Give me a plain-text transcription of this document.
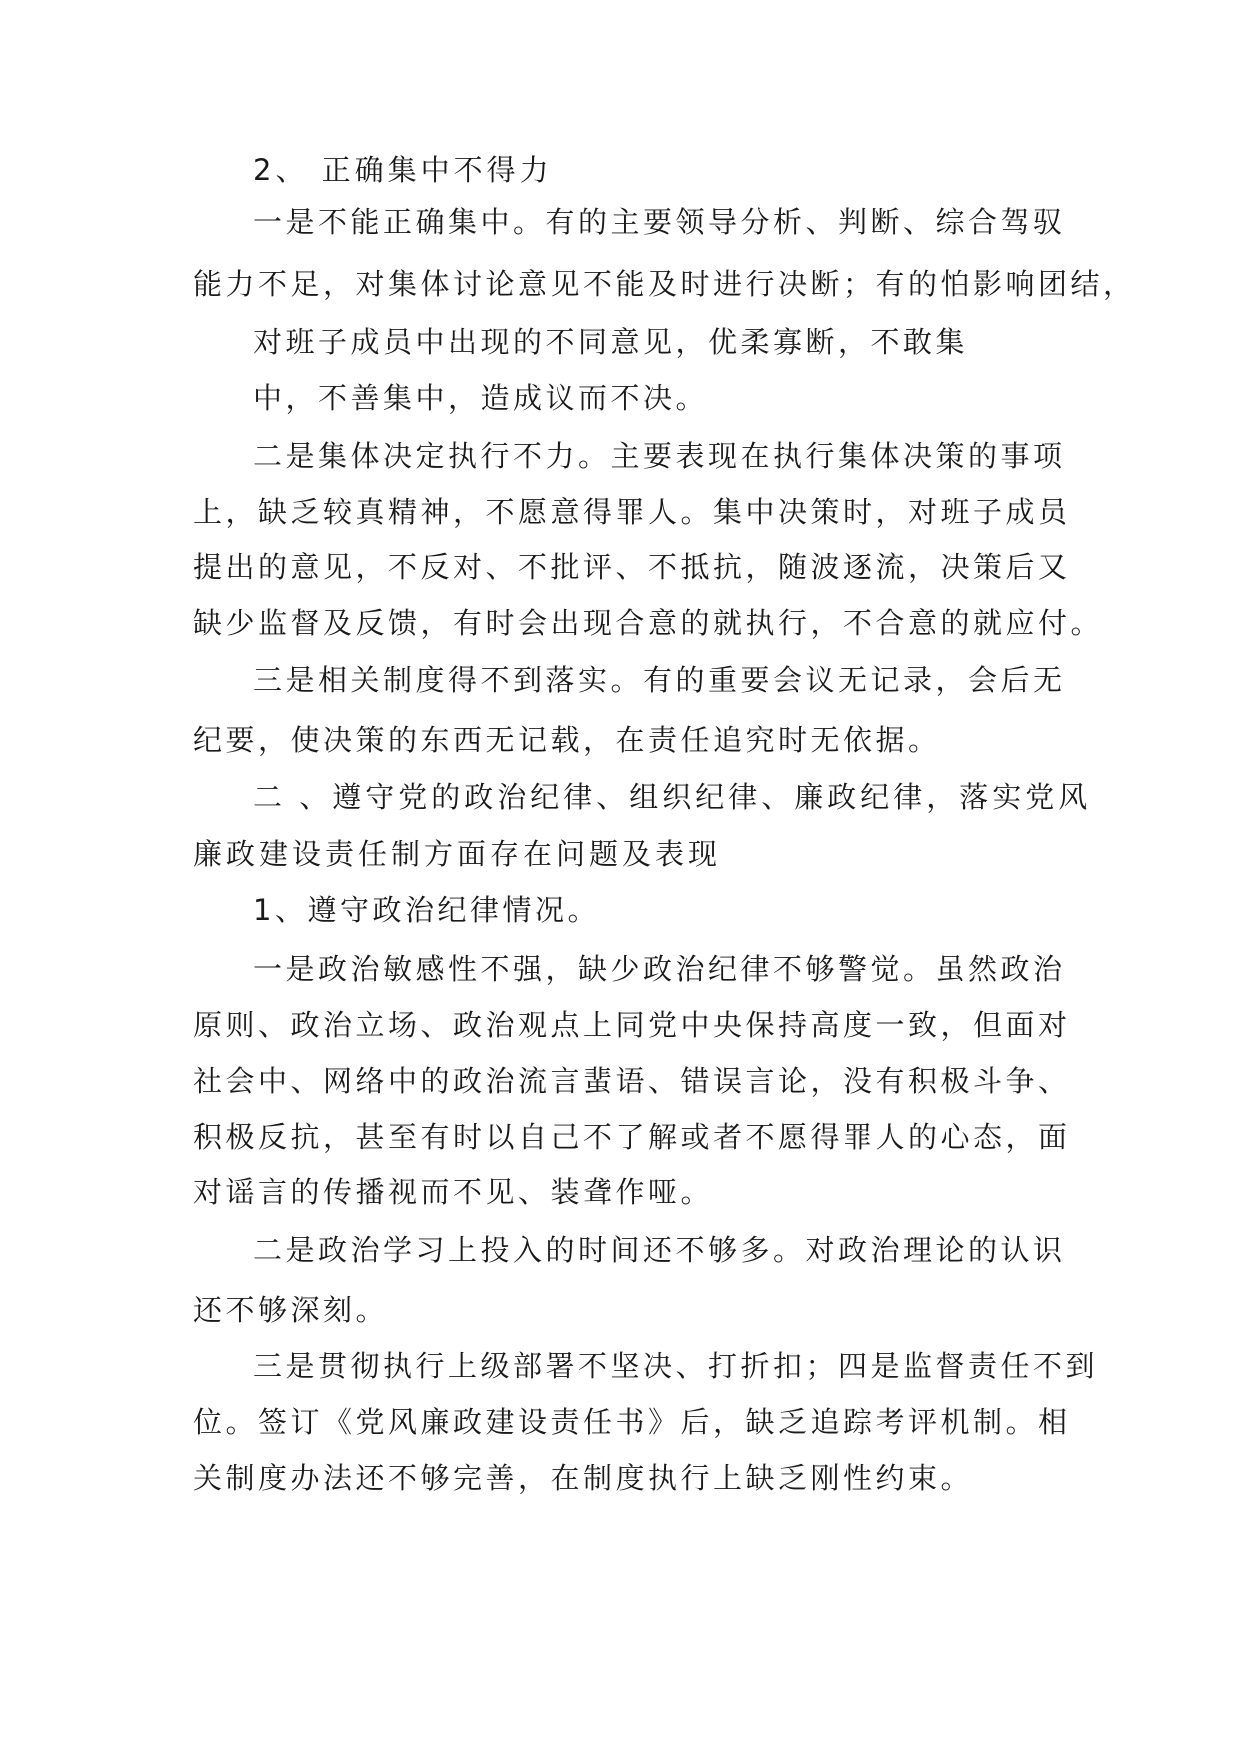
2、 正确集中不得力

一是不能正确集中。有的主要领导分析、判断、综合驾驭

能力不足，对集体讨论意见不能及时进行决断；有的怕影响团结，

对班子成员中出现的不同意见，优柔寡断，不敢集

中，不善集中，造成议而不决。

二是集体决定执行不力。主要表现在执行集体决策的事项

上，缺乏较真精神，不愿意得罪人。集中决策时，对班子成员

提出的意见，不反对、不批评、不抵抗，随波逐流，决策后又

缺少监督及反馈，有时会出现合意的就执行，不合意的就应付。

三是相关制度得不到落实。有的重要会议无记录，会后无

纪要，使决策的东西无记载，在责任追究时无依据。

二 、遵守党的政治纪律、组织纪律、廉政纪律，落实党风

廉政建设责任制方面存在问题及表现

1、遵守政治纪律情况。

一是政治敏感性不强，缺少政治纪律不够警觉。虽然政治

原则、政治立场、政治观点上同党中央保持高度一致，但面对

社会中、网络中的政治流言蜚语、错误言论，没有积极斗争、

积极反抗，甚至有时以自己不了解或者不愿得罪人的心态，面

对谣言的传播视而不见、装聋作哑。

二是政治学习上投入的时间还不够多。对政治理论的认识

还不够深刻。

三是贯彻执行上级部署不坚决、打折扣；四是监督责任不到

位。签订《党风廉政建设责任书》后，缺乏追踪考评机制。相

关制度办法还不够完善，在制度执行上缺乏刚性约束。
